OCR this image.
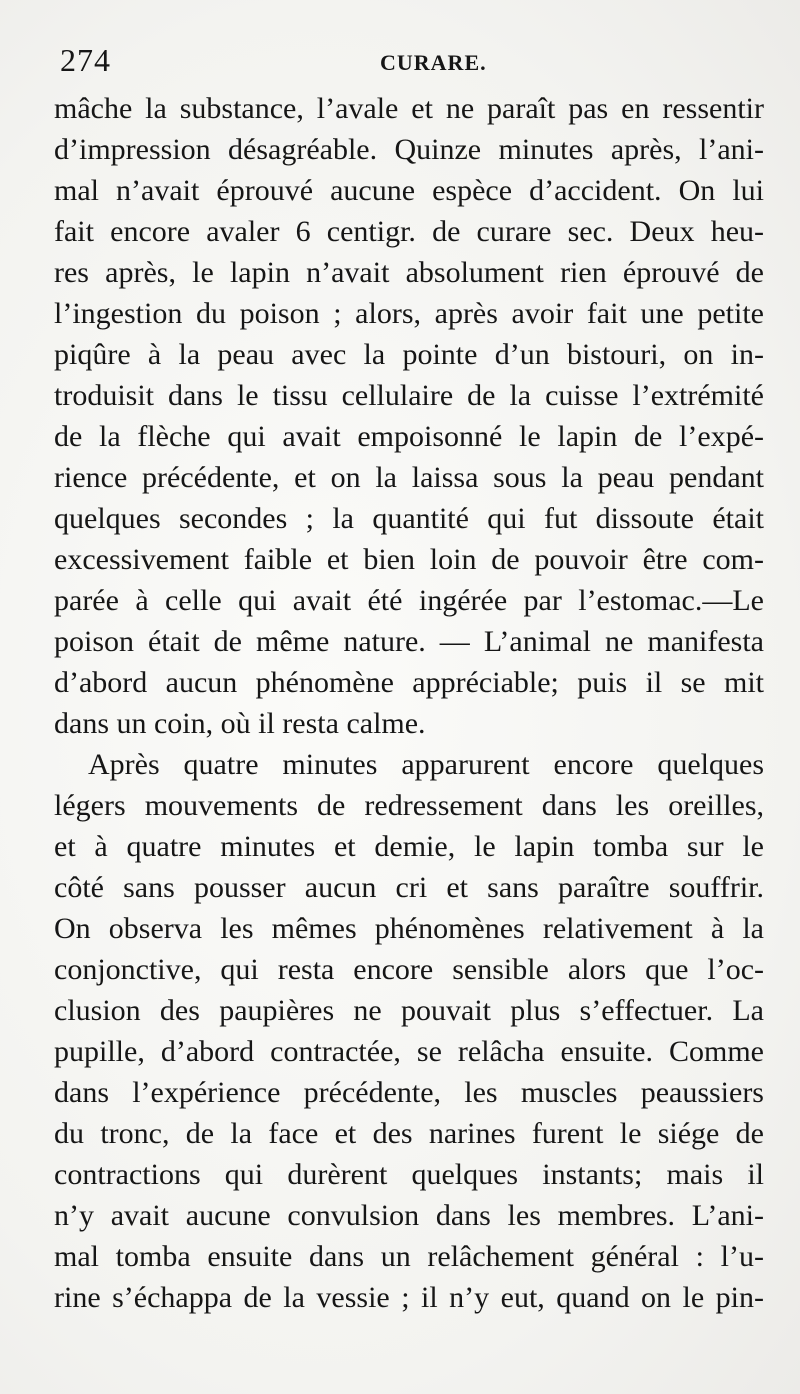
274	CURARE.
mâche la substance, l’avale et ne paraît pas en ressentir
d’impression désagréable. Quinze minutes après, l’ani-
mal n’avait éprouvé aucune espèce d’accident. On lui
fait encore avaler 6 centigr. de curare sec. Deux heu-
res après, le lapin n’avait absolument rien éprouvé de
l’ingestion du poison ; alors, après avoir fait une petite
piqûre à la peau avec la pointe d’un bistouri, on in-
troduisit dans le tissu cellulaire de la cuisse l’extrémité
de la flèche qui avait empoisonné le lapin de l’expé-
rience précédente, et on la laissa sous la peau pendant
quelques secondes ; la quantité qui fut dissoute était
excessivement faible et bien loin de pouvoir être com-
parée à celle qui avait été ingérée par l’estomac.—Le
poison était de même nature. — L’animal ne manifesta
d’abord aucun phénomène appréciable; puis il se mit
dans un coin, où il resta calme.
Après quatre minutes apparurent encore quelques
légers mouvements de redressement dans les oreilles,
et à quatre minutes et demie, le lapin tomba sur le
côté sans pousser aucun cri et sans paraître souffrir.
On observa les mêmes phénomènes relativement à la
conjonctive, qui resta encore sensible alors que l’oc-
clusion des paupières ne pouvait plus s’effectuer. La
pupille, d’abord contractée, se relâcha ensuite. Comme
dans l’expérience précédente, les muscles peaussiers
du tronc, de la face et des narines furent le siége de
contractions qui durèrent quelques instants; mais il
n’y avait aucune convulsion dans les membres. L’ani-
mal tomba ensuite dans un relâchement général : l’u-
rine s’échappa de la vessie ; il n’y eut, quand on le pin-
